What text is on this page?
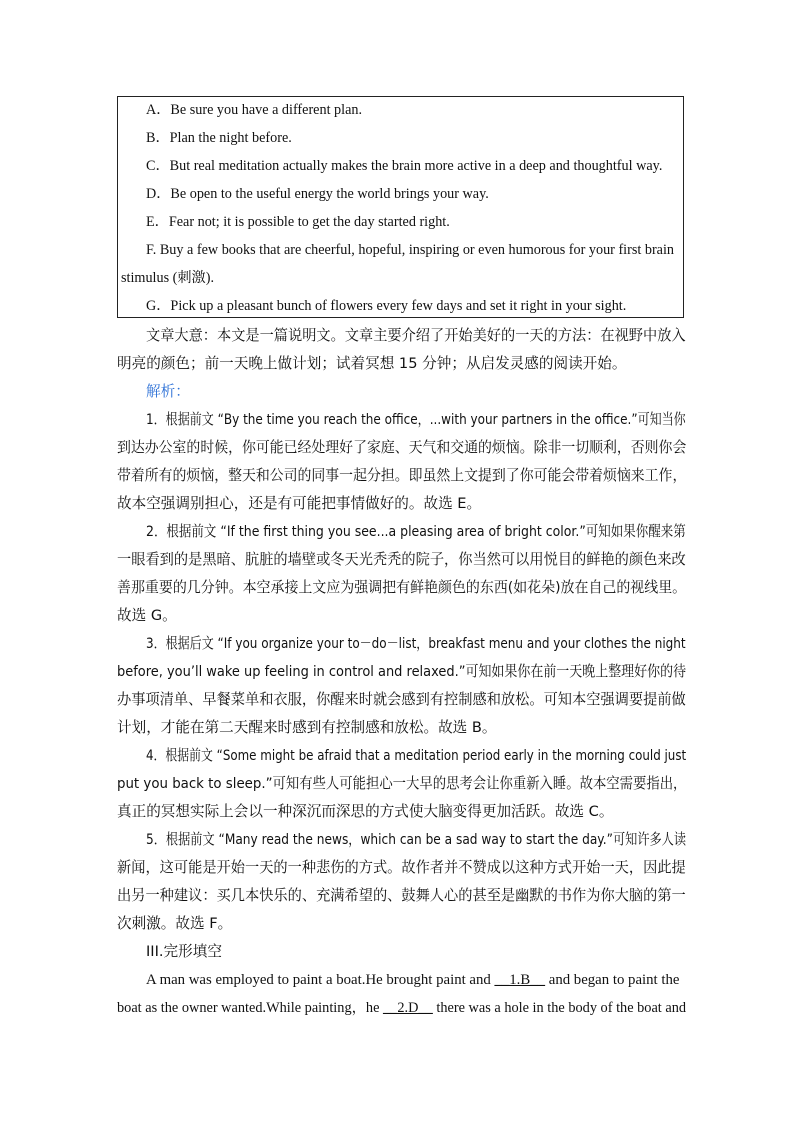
A．Be sure you have a different plan.
B．Plan the night before.
C．But real meditation actually makes the brain more active in a deep and thoughtful way.
D．Be open to the useful energy the world brings your way.
E．Fear not; it is possible to get the day started right.
F. Buy a few books that are cheerful, hopeful, inspiring or even humorous for your first brain
stimulus (刺激).
G．Pick up a pleasant bunch of flowers every few days and set it right in your sight.
文章大意：本文是一篇说明文。文章主要介绍了开始美好的一天的方法：在视野中放入
明亮的颜色；前一天晚上做计划；试着冥想 15 分钟；从启发灵感的阅读开始。
解析：
1．根据前文 “By the time you reach the office，...with your partners in the office.”可知当你
到达办公室的时候，你可能已经处理好了家庭、天气和交通的烦恼。除非一切顺利，否则你会
带着所有的烦恼，整天和公司的同事一起分担。即虽然上文提到了你可能会带着烦恼来工作，
故本空强调别担心，还是有可能把事情做好的。故选 E。
2．根据前文 “If the first thing you see...a pleasing area of bright color.”可知如果你醒来第
一眼看到的是黑暗、肮脏的墙壁或冬天光秃秃的院子，你当然可以用悦目的鲜艳的颜色来改
善那重要的几分钟。本空承接上文应为强调把有鲜艳颜色的东西(如花朵)放在自己的视线里。
故选 G。
3．根据后文 “If you organize your to－do－list，breakfast menu and your clothes the night
before, you’ll wake up feeling in control and relaxed.”可知如果你在前一天晚上整理好你的待
办事项清单、早餐菜单和衣服，你醒来时就会感到有控制感和放松。可知本空强调要提前做
计划，才能在第二天醒来时感到有控制感和放松。故选 B。
4．根据前文 “Some might be afraid that a meditation period early in the morning could just
put you back to sleep.”可知有些人可能担心一大早的思考会让你重新入睡。故本空需要指出，
真正的冥想实际上会以一种深沉而深思的方式使大脑变得更加活跃。故选 C。
5．根据前文 “Many read the news，which can be a sad way to start the day.”可知许多人读
新闻，这可能是开始一天的一种悲伤的方式。故作者并不赞成以这种方式开始一天，因此提
出另一种建议：买几本快乐的、充满希望的、鼓舞人心的甚至是幽默的书作为你大脑的第一
次刺激。故选 F。
III.完形填空
A man was employed to paint a boat.He brought paint and __1.B__ and began to paint the
boat as the owner wanted.While painting，he __2.D__ there was a hole in the body of the boat and
